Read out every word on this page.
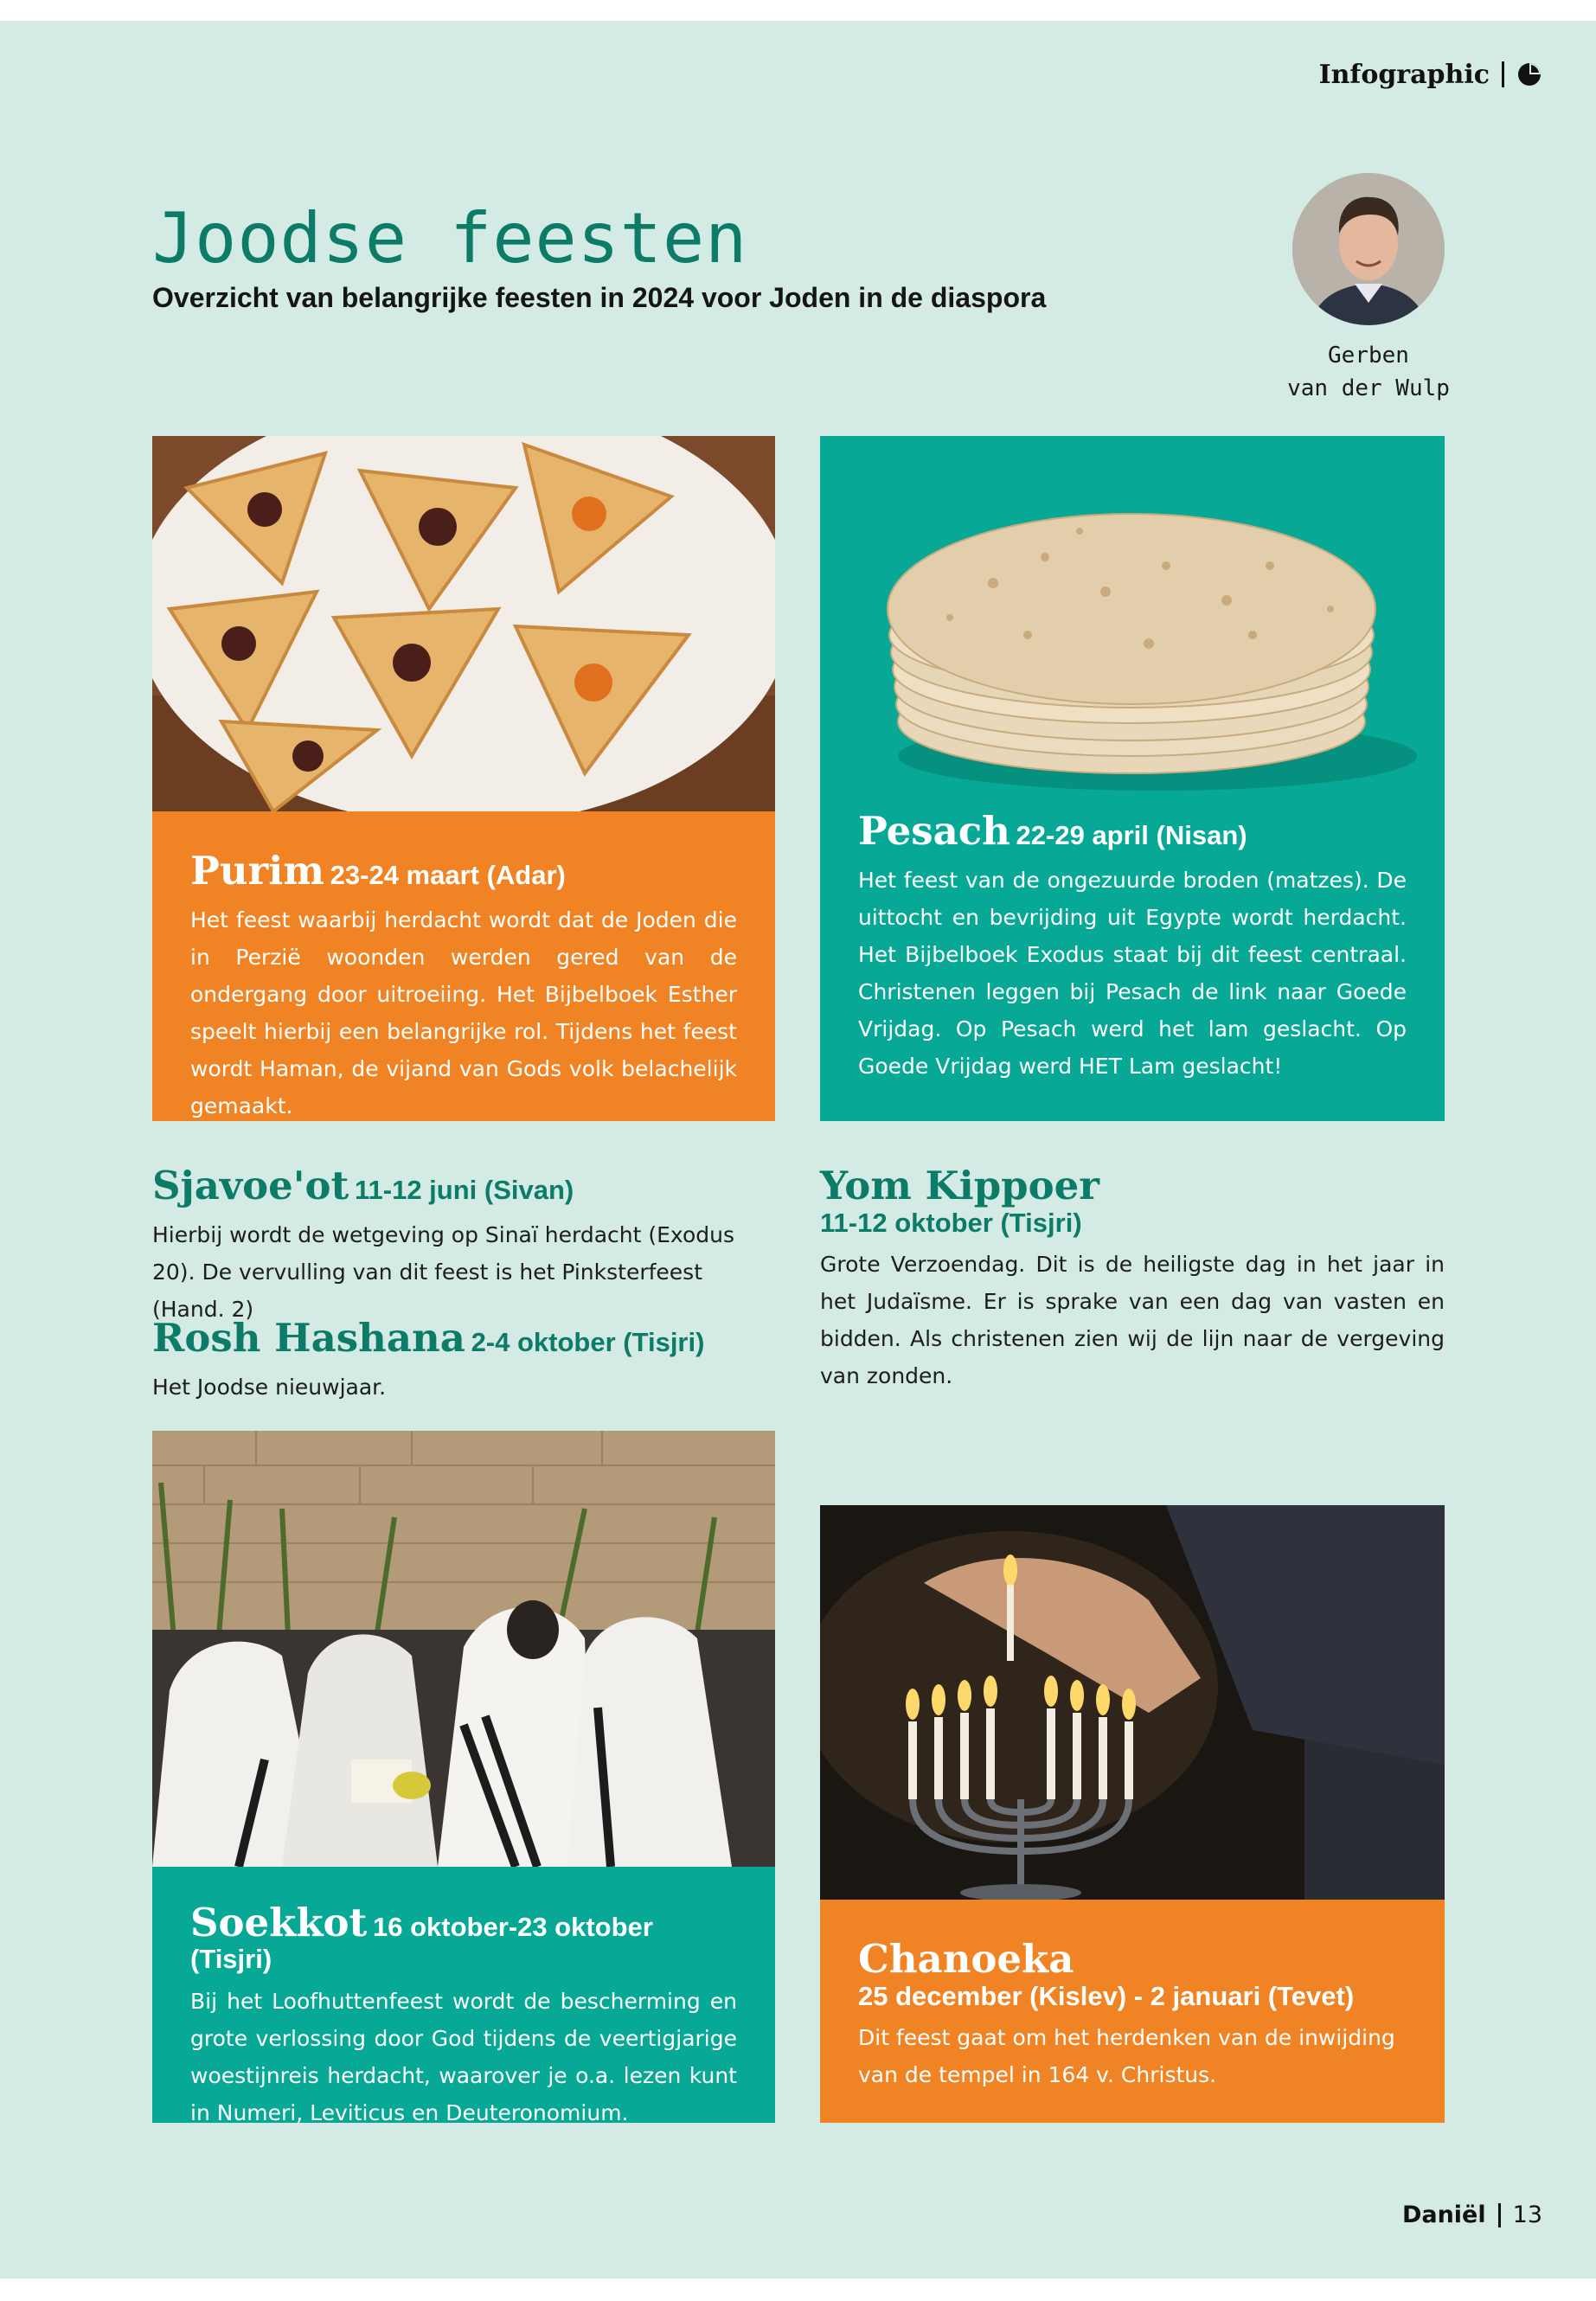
Infographic
Joodse feesten

Overzicht van belangrijke feesten in 2024 voor Joden in de diaspora

Gerben
van der Wulp
Purim 23-24 maart (Adar)

Het feest waarbij herdacht wordt dat de Joden die in Perzië woonden werden gered van de ondergang door uitroeiing. Het Bijbelboek Esther speelt hierbij een belangrijke rol. Tijdens het feest wordt Haman, de vijand van Gods volk belachelijk gemaakt.

Pesach 22-29 april (Nisan)

Het feest van de ongezuurde broden (matzes). De uittocht en bevrijding uit Egypte wordt herdacht. Het Bijbelboek Exodus staat bij dit feest centraal. Christenen leggen bij Pesach de link naar Goede Vrijdag. Op Pesach werd het lam geslacht. Op Goede Vrijdag werd HET Lam geslacht!

Sjavoe'ot 11-12 juni (Sivan)

Hierbij wordt de wetgeving op Sinaï herdacht (Exodus 20). De vervulling van dit feest is het Pinksterfeest (Hand. 2)

Rosh Hashana 2-4 oktober (Tisjri)

Het Joodse nieuwjaar.

Yom Kippoer
11-12 oktober (Tisjri)

Grote Verzoendag. Dit is de heiligste dag in het jaar in het Judaïsme. Er is sprake van een dag van vasten en bidden. Als christenen zien wij de lijn naar de vergeving van zonden.

Soekkot 16 oktober-23 oktober (Tisjri)

Bij het Loofhuttenfeest wordt de bescherming en grote verlossing door God tijdens de veertigjarige woestijnreis herdacht, waarover je o.a. lezen kunt in Numeri, Leviticus en Deuteronomium.

Chanoeka
25 december (Kislev) - 2 januari (Tevet)

Dit feest gaat om het herdenken van de inwijding van de tempel in 164 v. Christus.

Daniël 13
